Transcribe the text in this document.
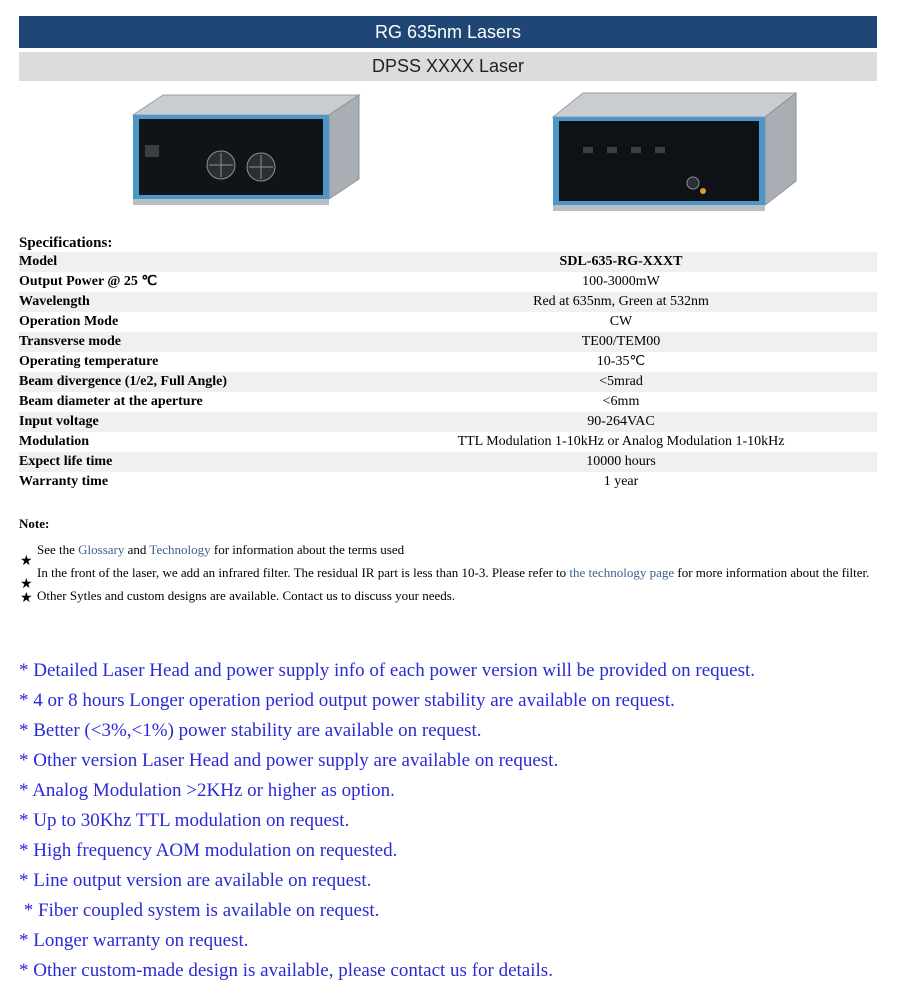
RG 635nm Lasers
DPSS XXXX Laser
Specifications:
Model	SDL-635-RG-XXXT
Output Power @ 25 ℃	100-3000mW
Wavelength	Red at 635nm, Green at 532nm
Operation Mode	CW
Transverse mode	TE00/TEM00
Operating temperature	10-35℃
Beam divergence (1/e2, Full Angle)	<5mrad
Beam diameter at the aperture	<6mm
Input voltage	90-264VAC
Modulation	TTL Modulation 1-10kHz or Analog Modulation 1-10kHz
Expect life time	10000 hours
Warranty time	1 year
Note:
★
See the Glossary and Technology for information about the terms used
★
In the front of the laser, we add an infrared filter. The residual IR part is less than 10-3. Please refer to the technology page for more information about the filter.
★ Other Sytles and custom designs are available. Contact us to discuss your needs.
* Detailed Laser Head and power supply info of each power version will be provided on request.
* 4 or 8 hours Longer operation period output power stability are available on request.
* Better (<3%,<1%) power stability are available on request.
* Other version Laser Head and power supply are available on request.
* Analog Modulation >2KHz or higher as option.
* Up to 30Khz TTL modulation on request.
* High frequency AOM modulation on requested.
* Line output version are available on request.
* Fiber coupled system is available on request.
* Longer warranty on request.
* Other custom-made design is available, please contact us for details.
